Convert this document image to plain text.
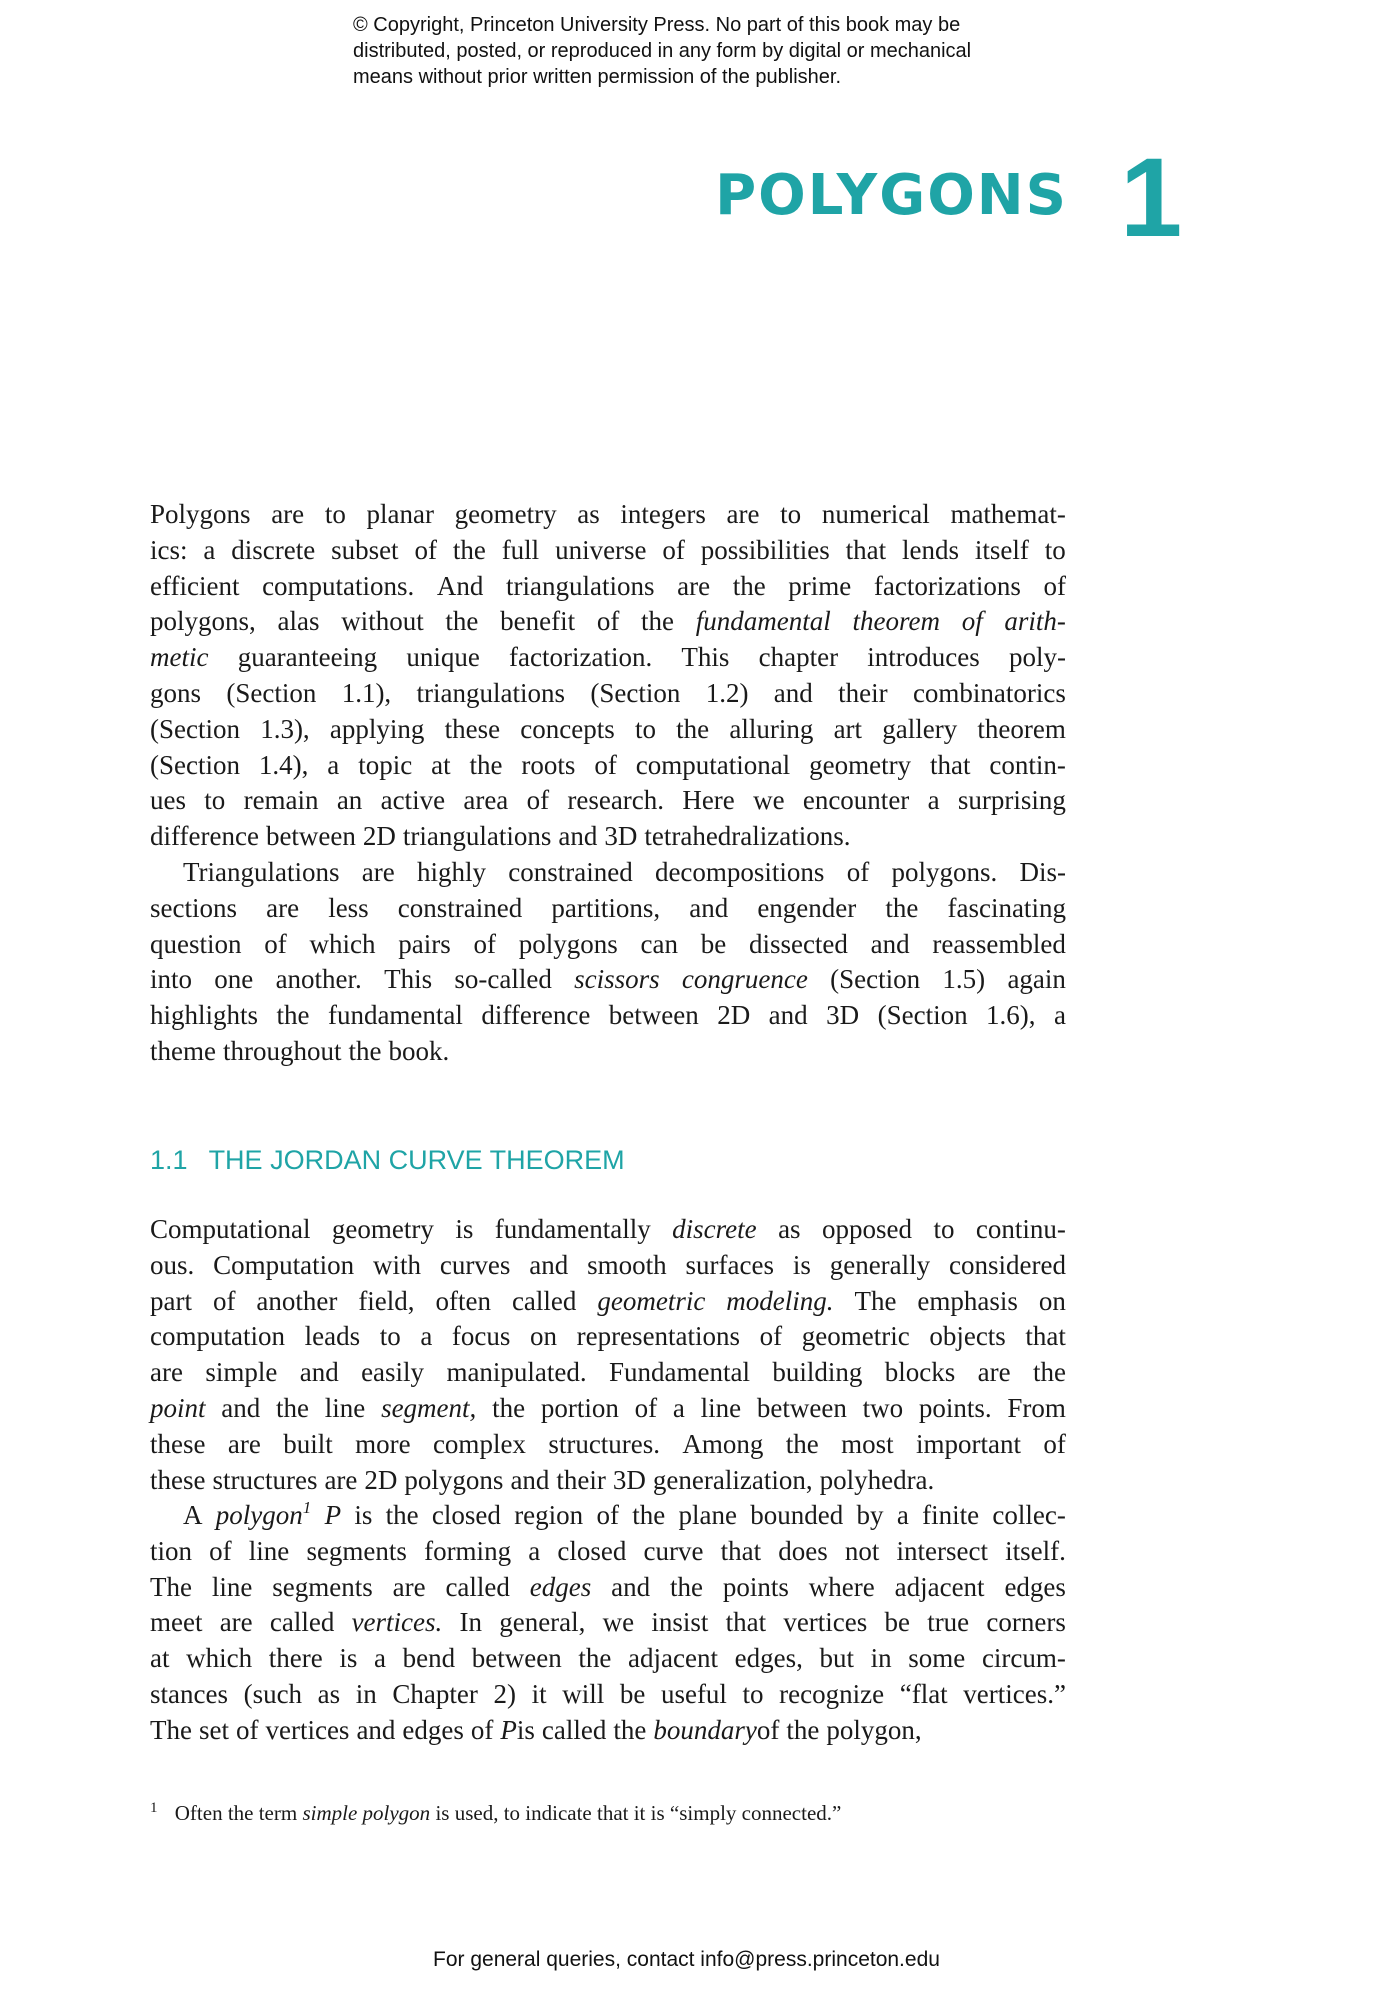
© Copyright, Princeton University Press. No part of this book may be
distributed, posted, or reproduced in any form by digital or mechanical
means without prior written permission of the publisher.
POLYGONS 1
Polygons are to planar geometry as integers are to numerical mathemat-
ics: a discrete subset of the full universe of possibilities that lends itself to
efficient computations. And triangulations are the prime factorizations of
polygons, alas without the benefit of the fundamental theorem of arith-
metic guaranteeing unique factorization. This chapter introduces poly-
gons (Section 1.1), triangulations (Section 1.2) and their combinatorics
(Section 1.3), applying these concepts to the alluring art gallery theorem
(Section 1.4), a topic at the roots of computational geometry that contin-
ues to remain an active area of research. Here we encounter a surprising
difference between 2D triangulations and 3D tetrahedralizations.
Triangulations are highly constrained decompositions of polygons. Dis-
sections are less constrained partitions, and engender the fascinating
question of which pairs of polygons can be dissected and reassembled
into one another. This so-called scissors congruence (Section 1.5) again
highlights the fundamental difference between 2D and 3D (Section 1.6), a
theme throughout the book.
1.1 THE JORDAN CURVE THEOREM
Computational geometry is fundamentally discrete as opposed to continu-
ous. Computation with curves and smooth surfaces is generally considered
part of another field, often called geometric modeling. The emphasis on
computation leads to a focus on representations of geometric objects that
are simple and easily manipulated. Fundamental building blocks are the
point and the line segment, the portion of a line between two points. From
these are built more complex structures. Among the most important of
these structures are 2D polygons and their 3D generalization, polyhedra.
A polygon$^1$ P is the closed region of the plane bounded by a finite collec-
tion of line segments forming a closed curve that does not intersect itself.
The line segments are called edges and the points where adjacent edges
meet are called vertices. In general, we insist that vertices be true corners
at which there is a bend between the adjacent edges, but in some circum-
stances (such as in Chapter 2) it will be useful to recognize “flat vertices.”
The set of vertices and edges of P is called the boundary of the polygon,
$^1$ Often the term simple polygon is used, to indicate that it is “simply connected.”
For general queries, contact info@press.princeton.edu
